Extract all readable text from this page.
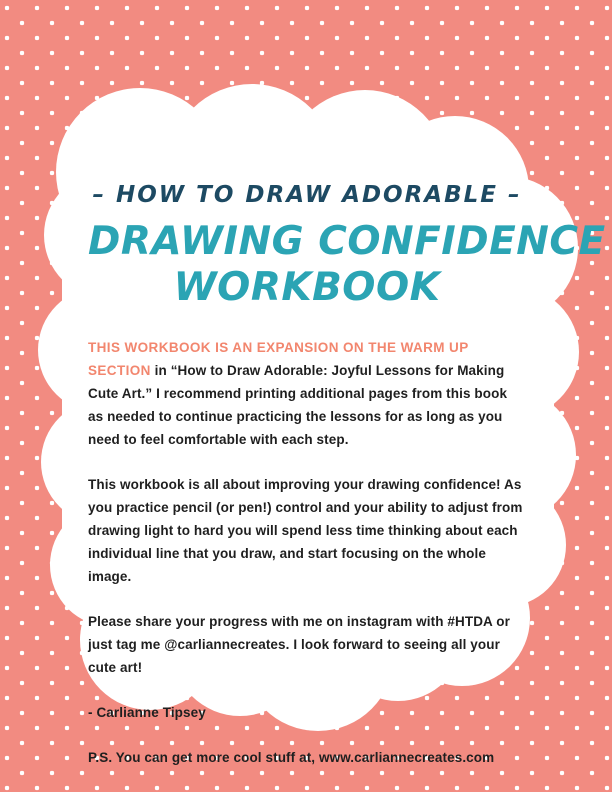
– HOW TO DRAW ADORABLE –
DRAWING CONFIDENCE
WORKBOOK

THIS WORKBOOK IS AN EXPANSION ON THE WARM UP SECTION in “How to Draw Adorable: Joyful Lessons for Making Cute Art.” I recommend printing additional pages from this book as needed to continue practicing the lessons for as long as you need to feel comfortable with each step.

This workbook is all about improving your drawing confidence! As you practice pencil (or pen!) control and your ability to adjust from drawing light to hard you will spend less time thinking about each individual line that you draw, and start focusing on the whole image.

Please share your progress with me on instagram with #HTDA or just tag me @carliannecreates. I look forward to seeing all your cute art!

- Carlianne Tipsey

P.S. You can get more cool stuff at, www.carliannecreates.com
